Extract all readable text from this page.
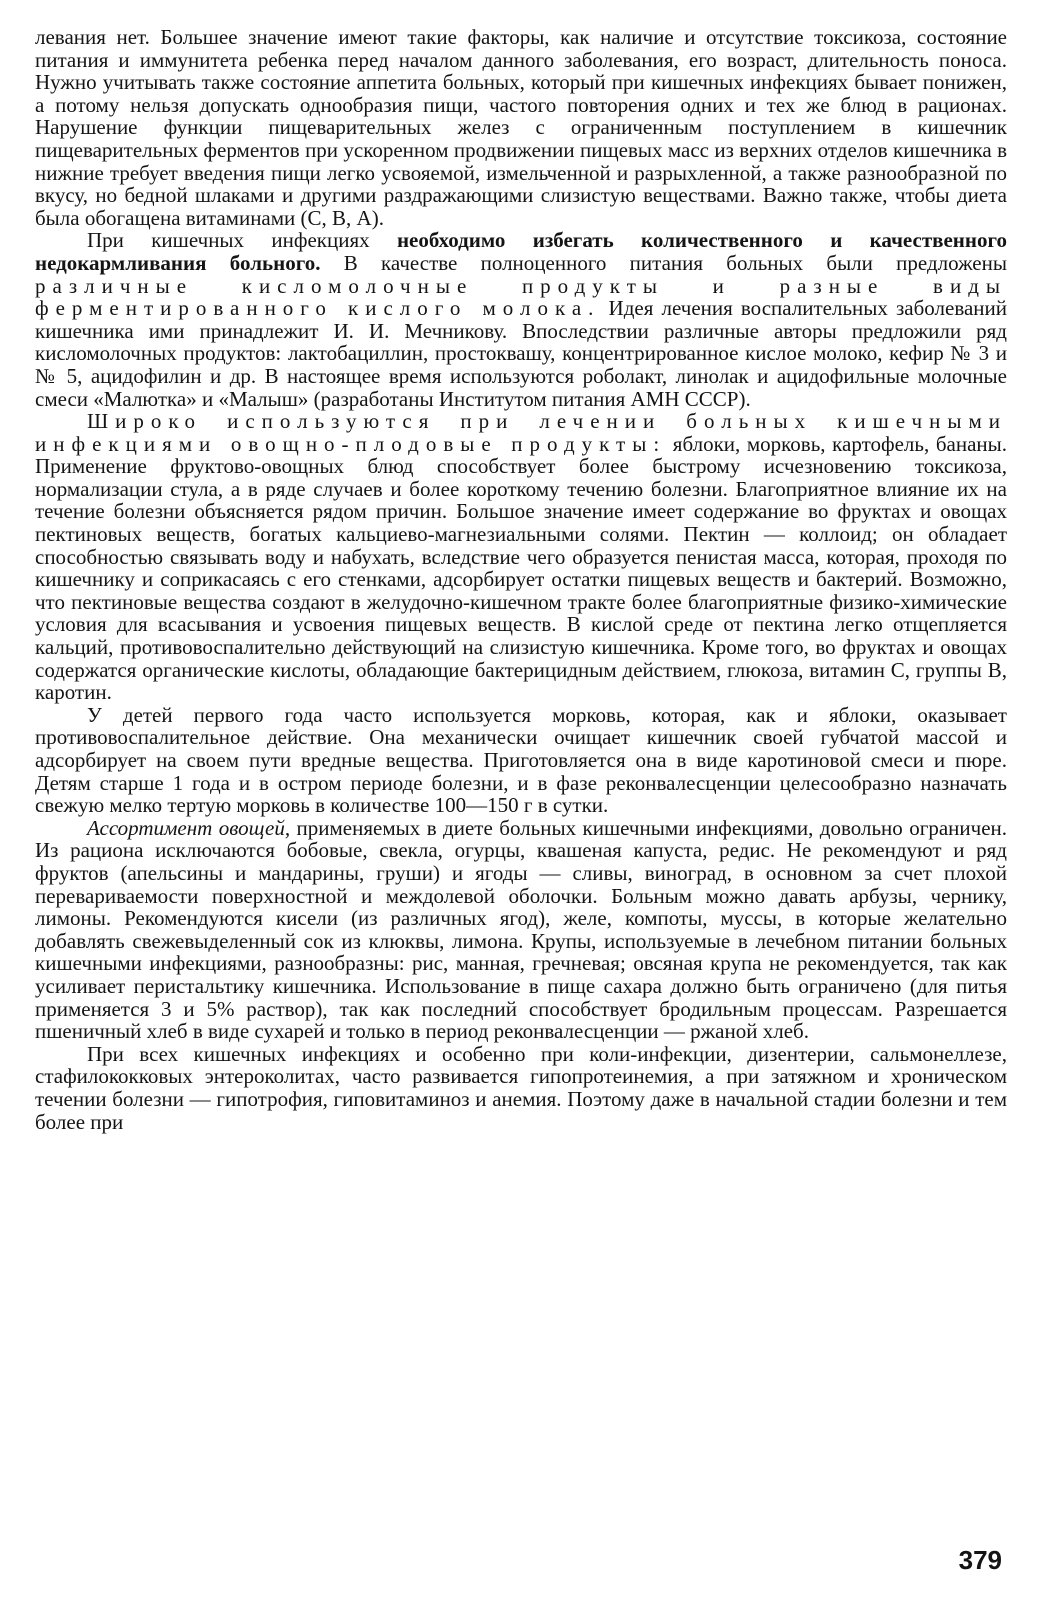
левания нет. Большее значение имеют такие факторы, как наличие и отсутствие токсикоза, состояние питания и иммунитета ребенка перед началом данного заболевания, его возраст, длительность поноса. Нужно учитывать также состояние аппетита больных, который при кишечных инфекциях бывает понижен, а потому нельзя допускать однообразия пищи, частого повторения одних и тех же блюд в рационах. Нарушение функции пищеварительных желез с ограниченным поступлением в кишечник пищеварительных ферментов при ускоренном продвижении пищевых масс из верхних отделов кишечника в нижние требует введения пищи легко усвояемой, измельченной и разрыхленной, а также разнообразной по вкусу, но бедной шлаками и другими раздражающими слизистую веществами. Важно также, чтобы диета была обогащена витаминами (С, В, А).

При кишечных инфекциях необходимо избегать количественного и качественного недокармливания больного. В качестве полноценного питания больных были предложены различные кисломолочные продукты и разные виды ферментированного кислого молока. Идея лечения воспалительных заболеваний кишечника ими принадлежит И. И. Мечникову. Впоследствии различные авторы предложили ряд кисломолочных продуктов: лактобациллин, простоквашу, концентрированное кислое молоко, кефир № 3 и № 5, ацидофилин и др. В настоящее время используются роболакт, линолак и ацидофильные молочные смеси «Малютка» и «Малыш» (разработаны Институтом питания АМН СССР).

Широко используются при лечении больных кишечными инфекциями овощно-плодовые продукты: яблоки, морковь, картофель, бананы. Применение фруктово-овощных блюд способствует более быстрому исчезновению токсикоза, нормализации стула, а в ряде случаев и более короткому течению болезни. Благоприятное влияние их на течение болезни объясняется рядом причин. Большое значение имеет содержание во фруктах и овощах пектиновых веществ, богатых кальциево-магнезиальными солями. Пектин — коллоид; он обладает способностью связывать воду и набухать, вследствие чего образуется пенистая масса, которая, проходя по кишечнику и соприкасаясь с его стенками, адсорбирует остатки пищевых веществ и бактерий. Возможно, что пектиновые вещества создают в желудочно-кишечном тракте более благоприятные физико-химические условия для всасывания и усвоения пищевых веществ. В кислой среде от пектина легко отщепляется кальций, противовоспалительно действующий на слизистую кишечника. Кроме того, во фруктах и овощах содержатся органические кислоты, обладающие бактерицидным действием, глюкоза, витамин С, группы В, каротин.

У детей первого года часто используется морковь, которая, как и яблоки, оказывает противовоспалительное действие. Она механически очищает кишечник своей губчатой массой и адсорбирует на своем пути вредные вещества. Приготовляется она в виде каротиновой смеси и пюре. Детям старше 1 года и в остром периоде болезни, и в фазе реконвалесценции целесообразно назначать свежую мелко тертую морковь в количестве 100—150 г в сутки.

Ассортимент овощей, применяемых в диете больных кишечными инфекциями, довольно ограничен. Из рациона исключаются бобовые, свекла, огурцы, квашеная капуста, редис. Не рекомендуют и ряд фруктов (апельсины и мандарины, груши) и ягоды — сливы, виноград, в основном за счет плохой перевариваемости поверхностной и междолевой оболочки. Больным можно давать арбузы, чернику, лимоны. Рекомендуются кисели (из различных ягод), желе, компоты, муссы, в которые желательно добавлять свежевыделенный сок из клюквы, лимона. Крупы, используемые в лечебном питании больных кишечными инфекциями, разнообразны: рис, манная, гречневая; овсяная крупа не рекомендуется, так как усиливает перистальтику кишечника. Использование в пище сахара должно быть ограничено (для питья применяется 3 и 5% раствор), так как последний способствует бродильным процессам. Разрешается пшеничный хлеб в виде сухарей и только в период реконвалесценции — ржаной хлеб.

При всех кишечных инфекциях и особенно при коли-инфекции, дизентерии, сальмонеллезе, стафилококковых энтероколитах, часто развивается гипопротеинемия, а при затяжном и хроническом течении болезни — гипотрофия, гиповитаминоз и анемия. Поэтому даже в начальной стадии болезни и тем более при

379
